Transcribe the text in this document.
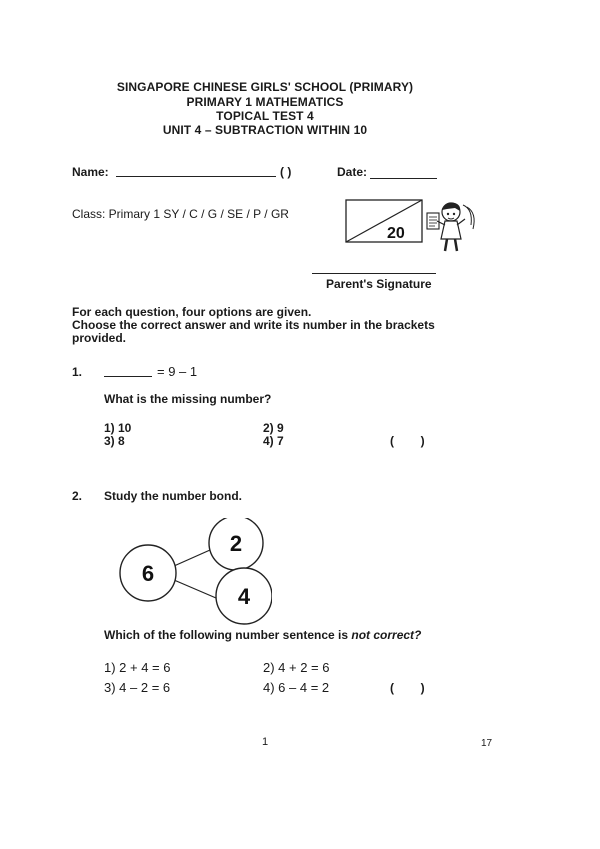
SINGAPORE CHINESE GIRLS' SCHOOL (PRIMARY)
PRIMARY 1 MATHEMATICS
TOPICAL TEST 4
UNIT 4 – SUBTRACTION WITHIN 10
Name:	( )	Date:
Class: Primary 1 SY / C / G / SE / P / GR
20
Parent's Signature
For each question, four options are given.
Choose the correct answer and write its number in the brackets
provided.
1.	= 9 – 1
What is the missing number?
1) 10	2) 9
3) 8	4) 7	(        )
2. Study the number bond.
6
2
4
Which of the following number sentence is not correct?
1) 2 + 4 = 6	2) 4 + 2 = 6
3) 4 – 2 = 6	4) 6 – 4 = 2	(        )
1	17
